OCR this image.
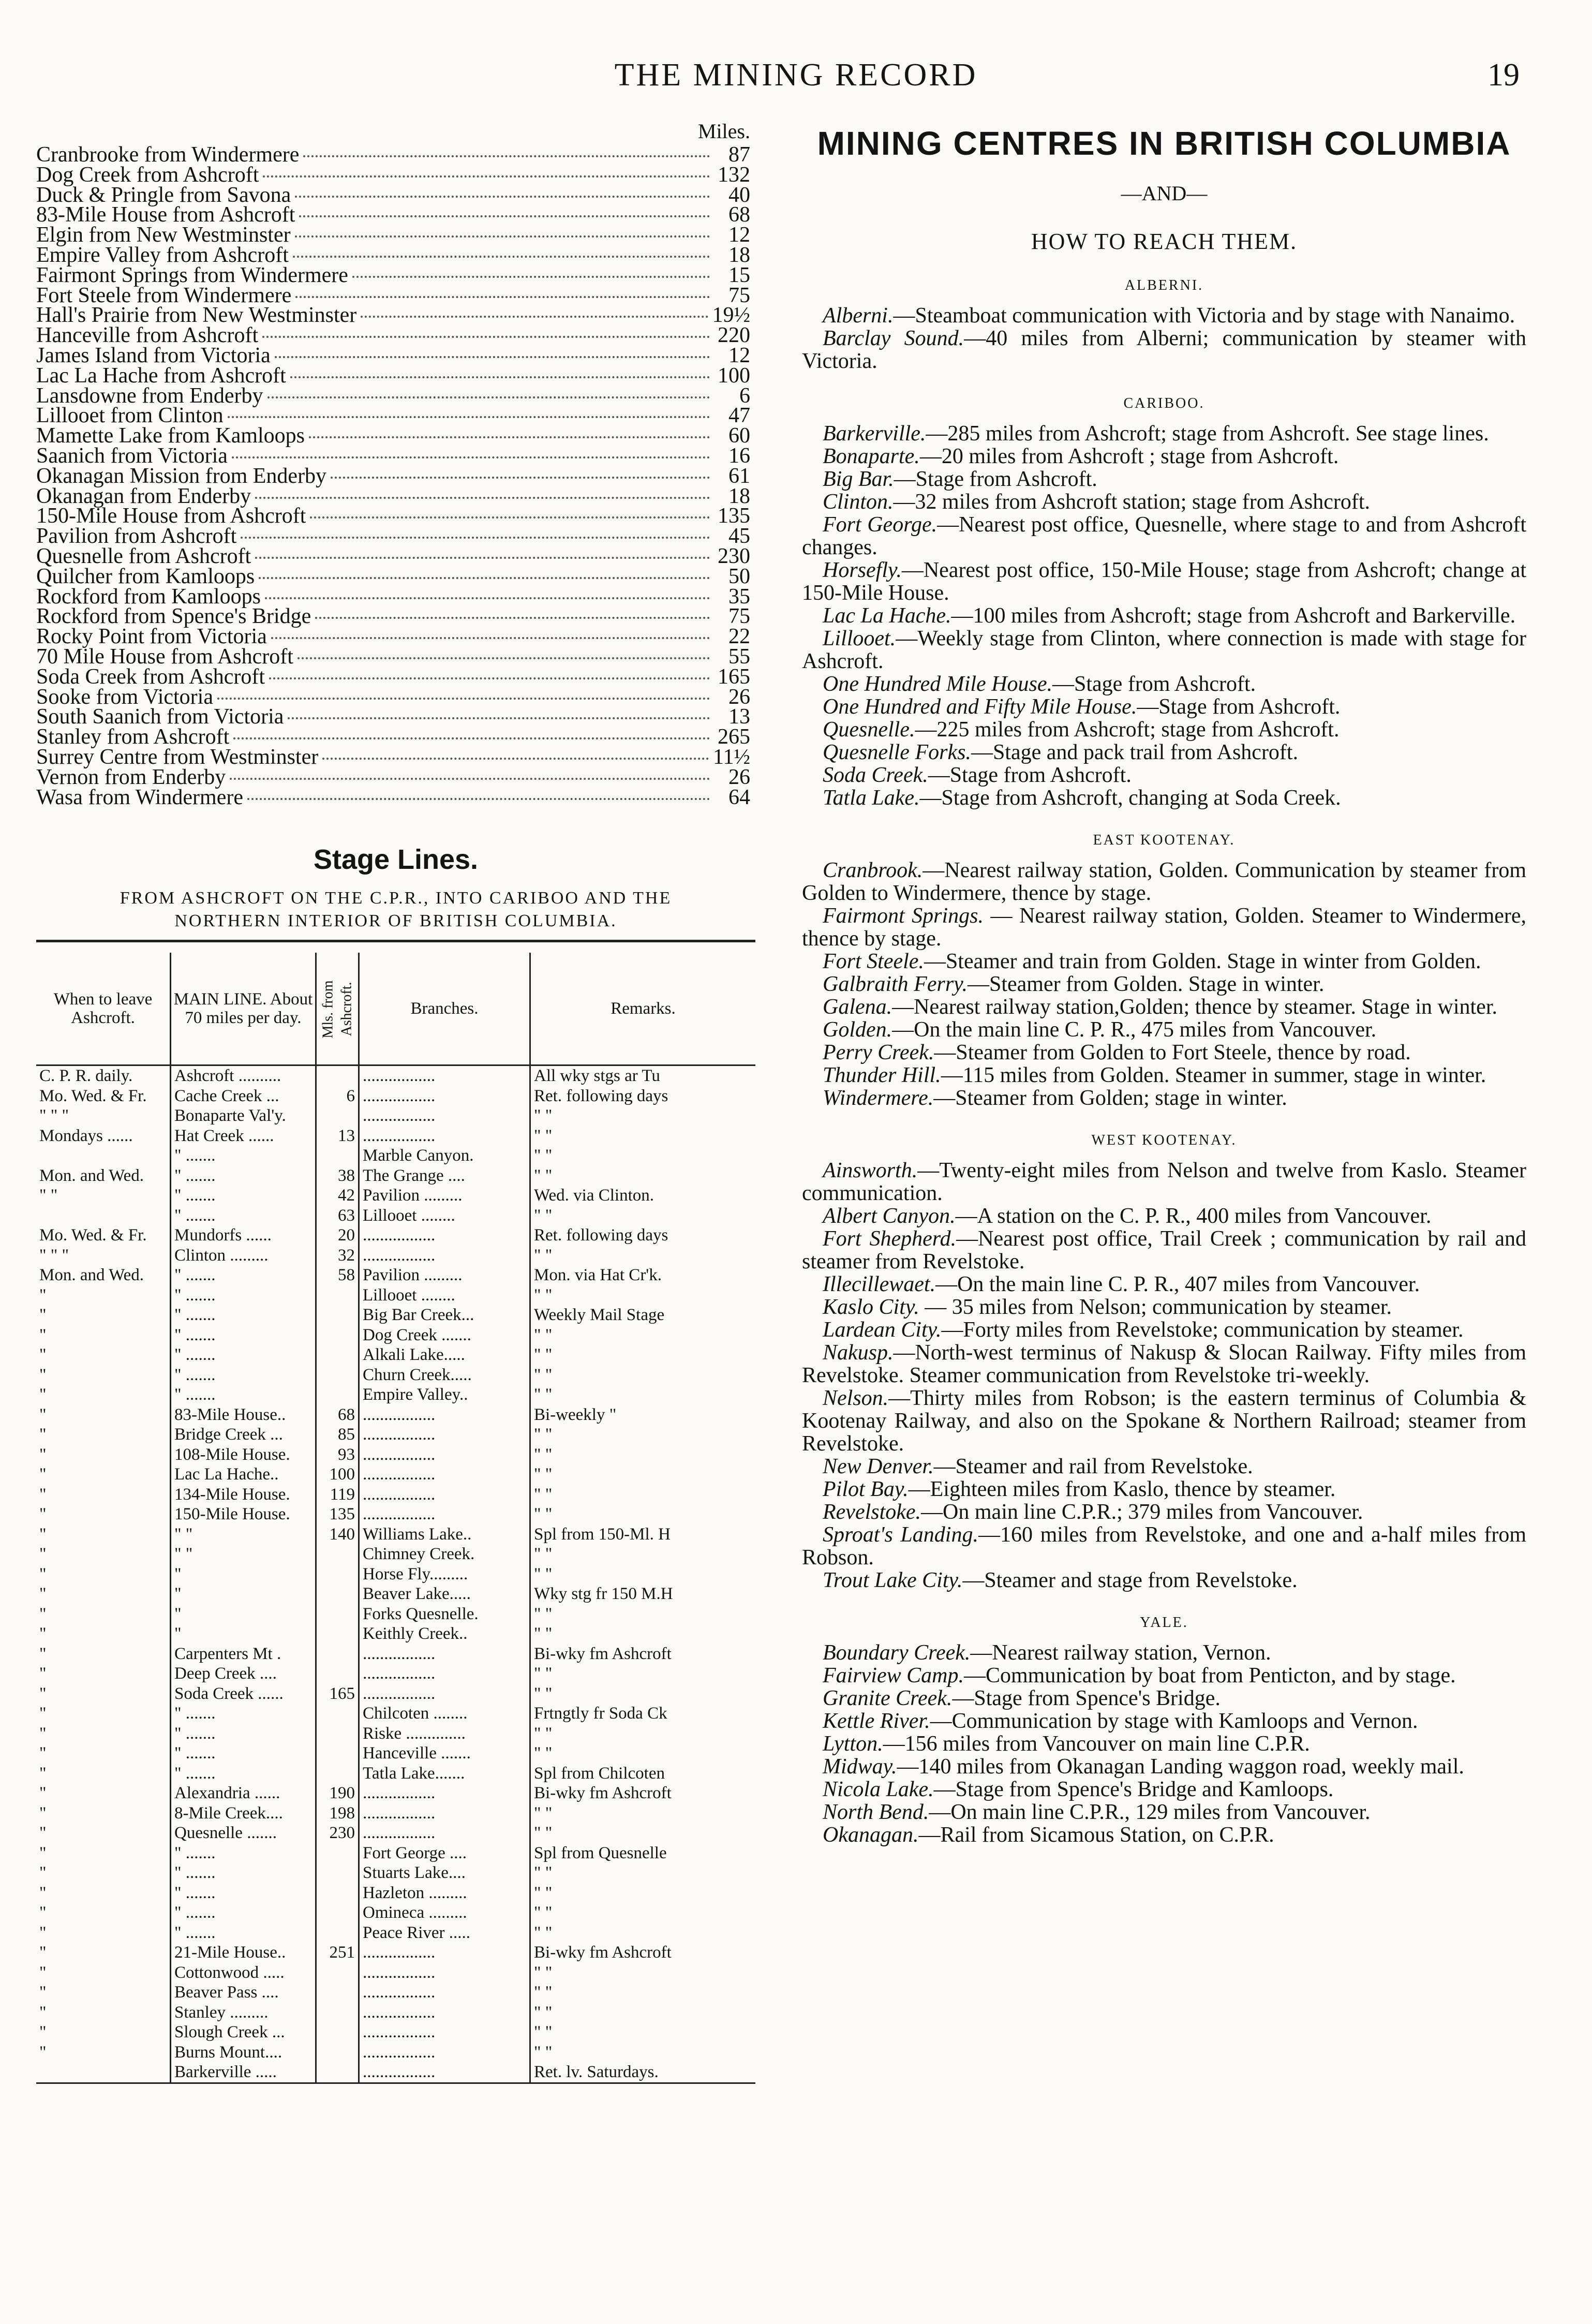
THE MINING RECORD	19
Miles.
Cranbrooke from Windermere	87
Dog Creek from Ashcroft	132
Duck & Pringle from Savona	40
83-Mile House from Ashcroft	68
Elgin from New Westminster	12
Empire Valley from Ashcroft	18
Fairmont Springs from Windermere	15
Fort Steele from Windermere	75
Hall's Prairie from New Westminster	19½
Hanceville from Ashcroft	220
James Island from Victoria	12
Lac La Hache from Ashcroft	100
Lansdowne from Enderby	6
Lillooet from Clinton	47
Mamette Lake from Kamloops	60
Saanich from Victoria	16
Okanagan Mission from Enderby	61
Okanagan from Enderby	18
150-Mile House from Ashcroft	135
Pavilion from Ashcroft	45
Quesnelle from Ashcroft	230
Quilcher from Kamloops	50
Rockford from Kamloops	35
Rockford from Spence's Bridge	75
Rocky Point from Victoria	22
70 Mile House from Ashcroft	55
Soda Creek from Ashcroft	165
Sooke from Victoria	26
South Saanich from Victoria	13
Stanley from Ashcroft	265
Surrey Centre from Westminster	11½
Vernon from Enderby	26
Wasa from Windermere	64
Stage Lines.
FROM ASHCROFT ON THE C.P.R., INTO CARIBOO AND THE
NORTHERN INTERIOR OF BRITISH COLUMBIA.
When to leave Ashcroft.	MAIN LINE. About 70 miles per day.	Mls. from Ashcroft.	Branches.	Remarks.
C. P. R. daily.	Ashcroft ..........		.................	All wky stgs ar Tu
Mo. Wed. & Fr.	Cache Creek ...	6	.................	Ret. following days
" " "	Bonaparte Val'y.		.................	" "
Mondays ......	Hat Creek ......	13	.................	" "
	" .......		Marble Canyon.	" "
Mon. and Wed.	" .......	38	The Grange ....	" "
" "	" .......	42	Pavilion .........	Wed. via Clinton.
	" .......	63	Lillooet ........	" "
Mo. Wed. & Fr.	Mundorfs ......	20	.................	Ret. following days
" " "	Clinton .........	32	.................	" "
Mon. and Wed.	" .......	58	Pavilion .........	Mon. via Hat Cr'k.
"	" .......		Lillooet ........	" "
"	" .......		Big Bar Creek...	Weekly Mail Stage
"	" .......		Dog Creek .......	" "
"	" .......		Alkali Lake.....	" "
"	" .......		Churn Creek.....	" "
"	" .......		Empire Valley..	" "
"	83-Mile House..	68	.................	Bi-weekly "
"	Bridge Creek ...	85	.................	" "
"	108-Mile House.	93	.................	" "
"	Lac La Hache..	100	.................	" "
"	134-Mile House.	119	.................	" "
"	150-Mile House.	135	.................	" "
"	" "	140	Williams Lake..	Spl from 150-Ml. H
"	" "		Chimney Creek.	" "
"	"		Horse Fly.........	" "
"	"		Beaver Lake.....	Wky stg fr 150 M.H
"	"		Forks Quesnelle.	" "
"	"		Keithly Creek..	" "
"	Carpenters Mt .		.................	Bi-wky fm Ashcroft
"	Deep Creek ....		.................	" "
"	Soda Creek ......	165	.................	" "
"	" .......		Chilcoten ........	Frtngtly fr Soda Ck
"	" .......		Riske ..............	" "
"	" .......		Hanceville .......	" "
"	" .......		Tatla Lake.......	Spl from Chilcoten
"	Alexandria ......	190	.................	Bi-wky fm Ashcroft
"	8-Mile Creek....	198	.................	" "
"	Quesnelle .......	230	.................	" "
"	" .......		Fort George ....	Spl from Quesnelle
"	" .......		Stuarts Lake....	" "
"	" .......		Hazleton .........	" "
"	" .......		Omineca .........	" "
"	" .......		Peace River .....	" "
"	21-Mile House..	251	.................	Bi-wky fm Ashcroft
"	Cottonwood .....		.................	" "
"	Beaver Pass ....		.................	" "
"	Stanley .........		.................	" "
"	Slough Creek ...		.................	" "
"	Burns Mount....		.................	" "
	Barkerville .....		.................	Ret. lv. Saturdays.
MINING CENTRES IN BRITISH COLUMBIA
—AND—
HOW TO REACH THEM.
ALBERNI.

Alberni.—Steamboat communication with Victoria and by stage with Nanaimo.

Barclay Sound.—40 miles from Alberni; communication by steamer with Victoria.

CARIBOO.

Barkerville.—285 miles from Ashcroft; stage from Ashcroft. See stage lines.

Bonaparte.—20 miles from Ashcroft ; stage from Ashcroft.

Big Bar.—Stage from Ashcroft.

Clinton.—32 miles from Ashcroft station; stage from Ashcroft.

Fort George.—Nearest post office, Quesnelle, where stage to and from Ashcroft changes.

Horsefly.—Nearest post office, 150-Mile House; stage from Ashcroft; change at 150-Mile House.

Lac La Hache.—100 miles from Ashcroft; stage from Ashcroft and Barkerville.

Lillooet.—Weekly stage from Clinton, where connection is made with stage for Ashcroft.

One Hundred Mile House.—Stage from Ashcroft.

One Hundred and Fifty Mile House.—Stage from Ashcroft.

Quesnelle.—225 miles from Ashcroft; stage from Ashcroft.

Quesnelle Forks.—Stage and pack trail from Ashcroft.

Soda Creek.—Stage from Ashcroft.

Tatla Lake.—Stage from Ashcroft, changing at Soda Creek.

EAST KOOTENAY.

Cranbrook.—Nearest railway station, Golden. Communication by steamer from Golden to Windermere, thence by stage.

Fairmont Springs. — Nearest railway station, Golden. Steamer to Windermere, thence by stage.

Fort Steele.—Steamer and train from Golden. Stage in winter from Golden.

Galbraith Ferry.—Steamer from Golden. Stage in winter.

Galena.—Nearest railway station,Golden; thence by steamer. Stage in winter.

Golden.—On the main line C. P. R., 475 miles from Vancouver.

Perry Creek.—Steamer from Golden to Fort Steele, thence by road.

Thunder Hill.—115 miles from Golden. Steamer in summer, stage in winter.

Windermere.—Steamer from Golden; stage in winter.

WEST KOOTENAY.

Ainsworth.—Twenty-eight miles from Nelson and twelve from Kaslo. Steamer communication.

Albert Canyon.—A station on the C. P. R., 400 miles from Vancouver.

Fort Shepherd.—Nearest post office, Trail Creek ; communication by rail and steamer from Revelstoke.

Illecillewaet.—On the main line C. P. R., 407 miles from Vancouver.

Kaslo City. — 35 miles from Nelson; communication by steamer.

Lardean City.—Forty miles from Revelstoke; communication by steamer.

Nakusp.—North-west terminus of Nakusp & Slocan Railway. Fifty miles from Revelstoke. Steamer communication from Revelstoke tri-weekly.

Nelson.—Thirty miles from Robson; is the eastern terminus of Columbia & Kootenay Railway, and also on the Spokane & Northern Railroad; steamer from Revelstoke.

New Denver.—Steamer and rail from Revelstoke.

Pilot Bay.—Eighteen miles from Kaslo, thence by steamer.

Revelstoke.—On main line C.P.R.; 379 miles from Vancouver.

Sproat's Landing.—160 miles from Revelstoke, and one and a-half miles from Robson.

Trout Lake City.—Steamer and stage from Revelstoke.

YALE.

Boundary Creek.—Nearest railway station, Vernon.

Fairview Camp.—Communication by boat from Penticton, and by stage.

Granite Creek.—Stage from Spence's Bridge.

Kettle River.—Communication by stage with Kamloops and Vernon.

Lytton.—156 miles from Vancouver on main line C.P.R.

Midway.—140 miles from Okanagan Landing waggon road, weekly mail.

Nicola Lake.—Stage from Spence's Bridge and Kamloops.

North Bend.—On main line C.P.R., 129 miles from Vancouver.

Okanagan.—Rail from Sicamous Station, on C.P.R.
